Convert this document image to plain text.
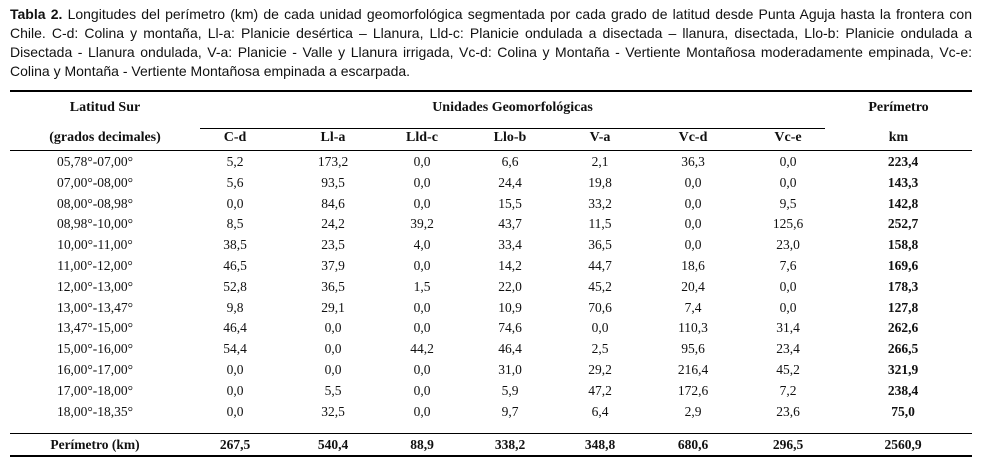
Tabla 2. Longitudes del perímetro (km) de cada unidad geomorfológica segmentada por cada grado de latitud desde Punta Aguja hasta la frontera con Chile. C-d: Colina y montaña, Ll-a: Planicie desértica – Llanura, Lld-c: Planicie ondulada a disectada – llanura, disectada, Llo-b: Planicie ondulada a Disectada - Llanura ondulada, V-a: Planicie - Valle y Llanura irrigada, Vc-d: Colina y Montaña - Vertiente Montañosa moderadamente empinada, Vc-e: Colina y Montaña - Vertiente Montañosa empinada a escarpada.
Latitud Sur
(grados decimales)
Unidades Geomorfológicas	Perímetro
km
C-d	Ll-a	Lld-c	Llo-b	V-a	Vc-d	Vc-e
05,78°-07,00°	5,2	173,2	0,0	6,6	2,1	36,3	0,0	223,4
07,00°-08,00°	5,6	93,5	0,0	24,4	19,8	0,0	0,0	143,3
08,00°-08,98°	0,0	84,6	0,0	15,5	33,2	0,0	9,5	142,8
08,98°-10,00°	8,5	24,2	39,2	43,7	11,5	0,0	125,6	252,7
10,00°-11,00°	38,5	23,5	4,0	33,4	36,5	0,0	23,0	158,8
11,00°-12,00°	46,5	37,9	0,0	14,2	44,7	18,6	7,6	169,6
12,00°-13,00°	52,8	36,5	1,5	22,0	45,2	20,4	0,0	178,3
13,00°-13,47°	9,8	29,1	0,0	10,9	70,6	7,4	0,0	127,8
13,47°-15,00°	46,4	0,0	0,0	74,6	0,0	110,3	31,4	262,6
15,00°-16,00°	54,4	0,0	44,2	46,4	2,5	95,6	23,4	266,5
16,00°-17,00°	0,0	0,0	0,0	31,0	29,2	216,4	45,2	321,9
17,00°-18,00°	0,0	5,5	0,0	5,9	47,2	172,6	7,2	238,4
18,00°-18,35°	0,0	32,5	0,0	9,7	6,4	2,9	23,6	75,0
Perímetro (km)	267,5	540,4	88,9	338,2	348,8	680,6	296,5	2560,9
